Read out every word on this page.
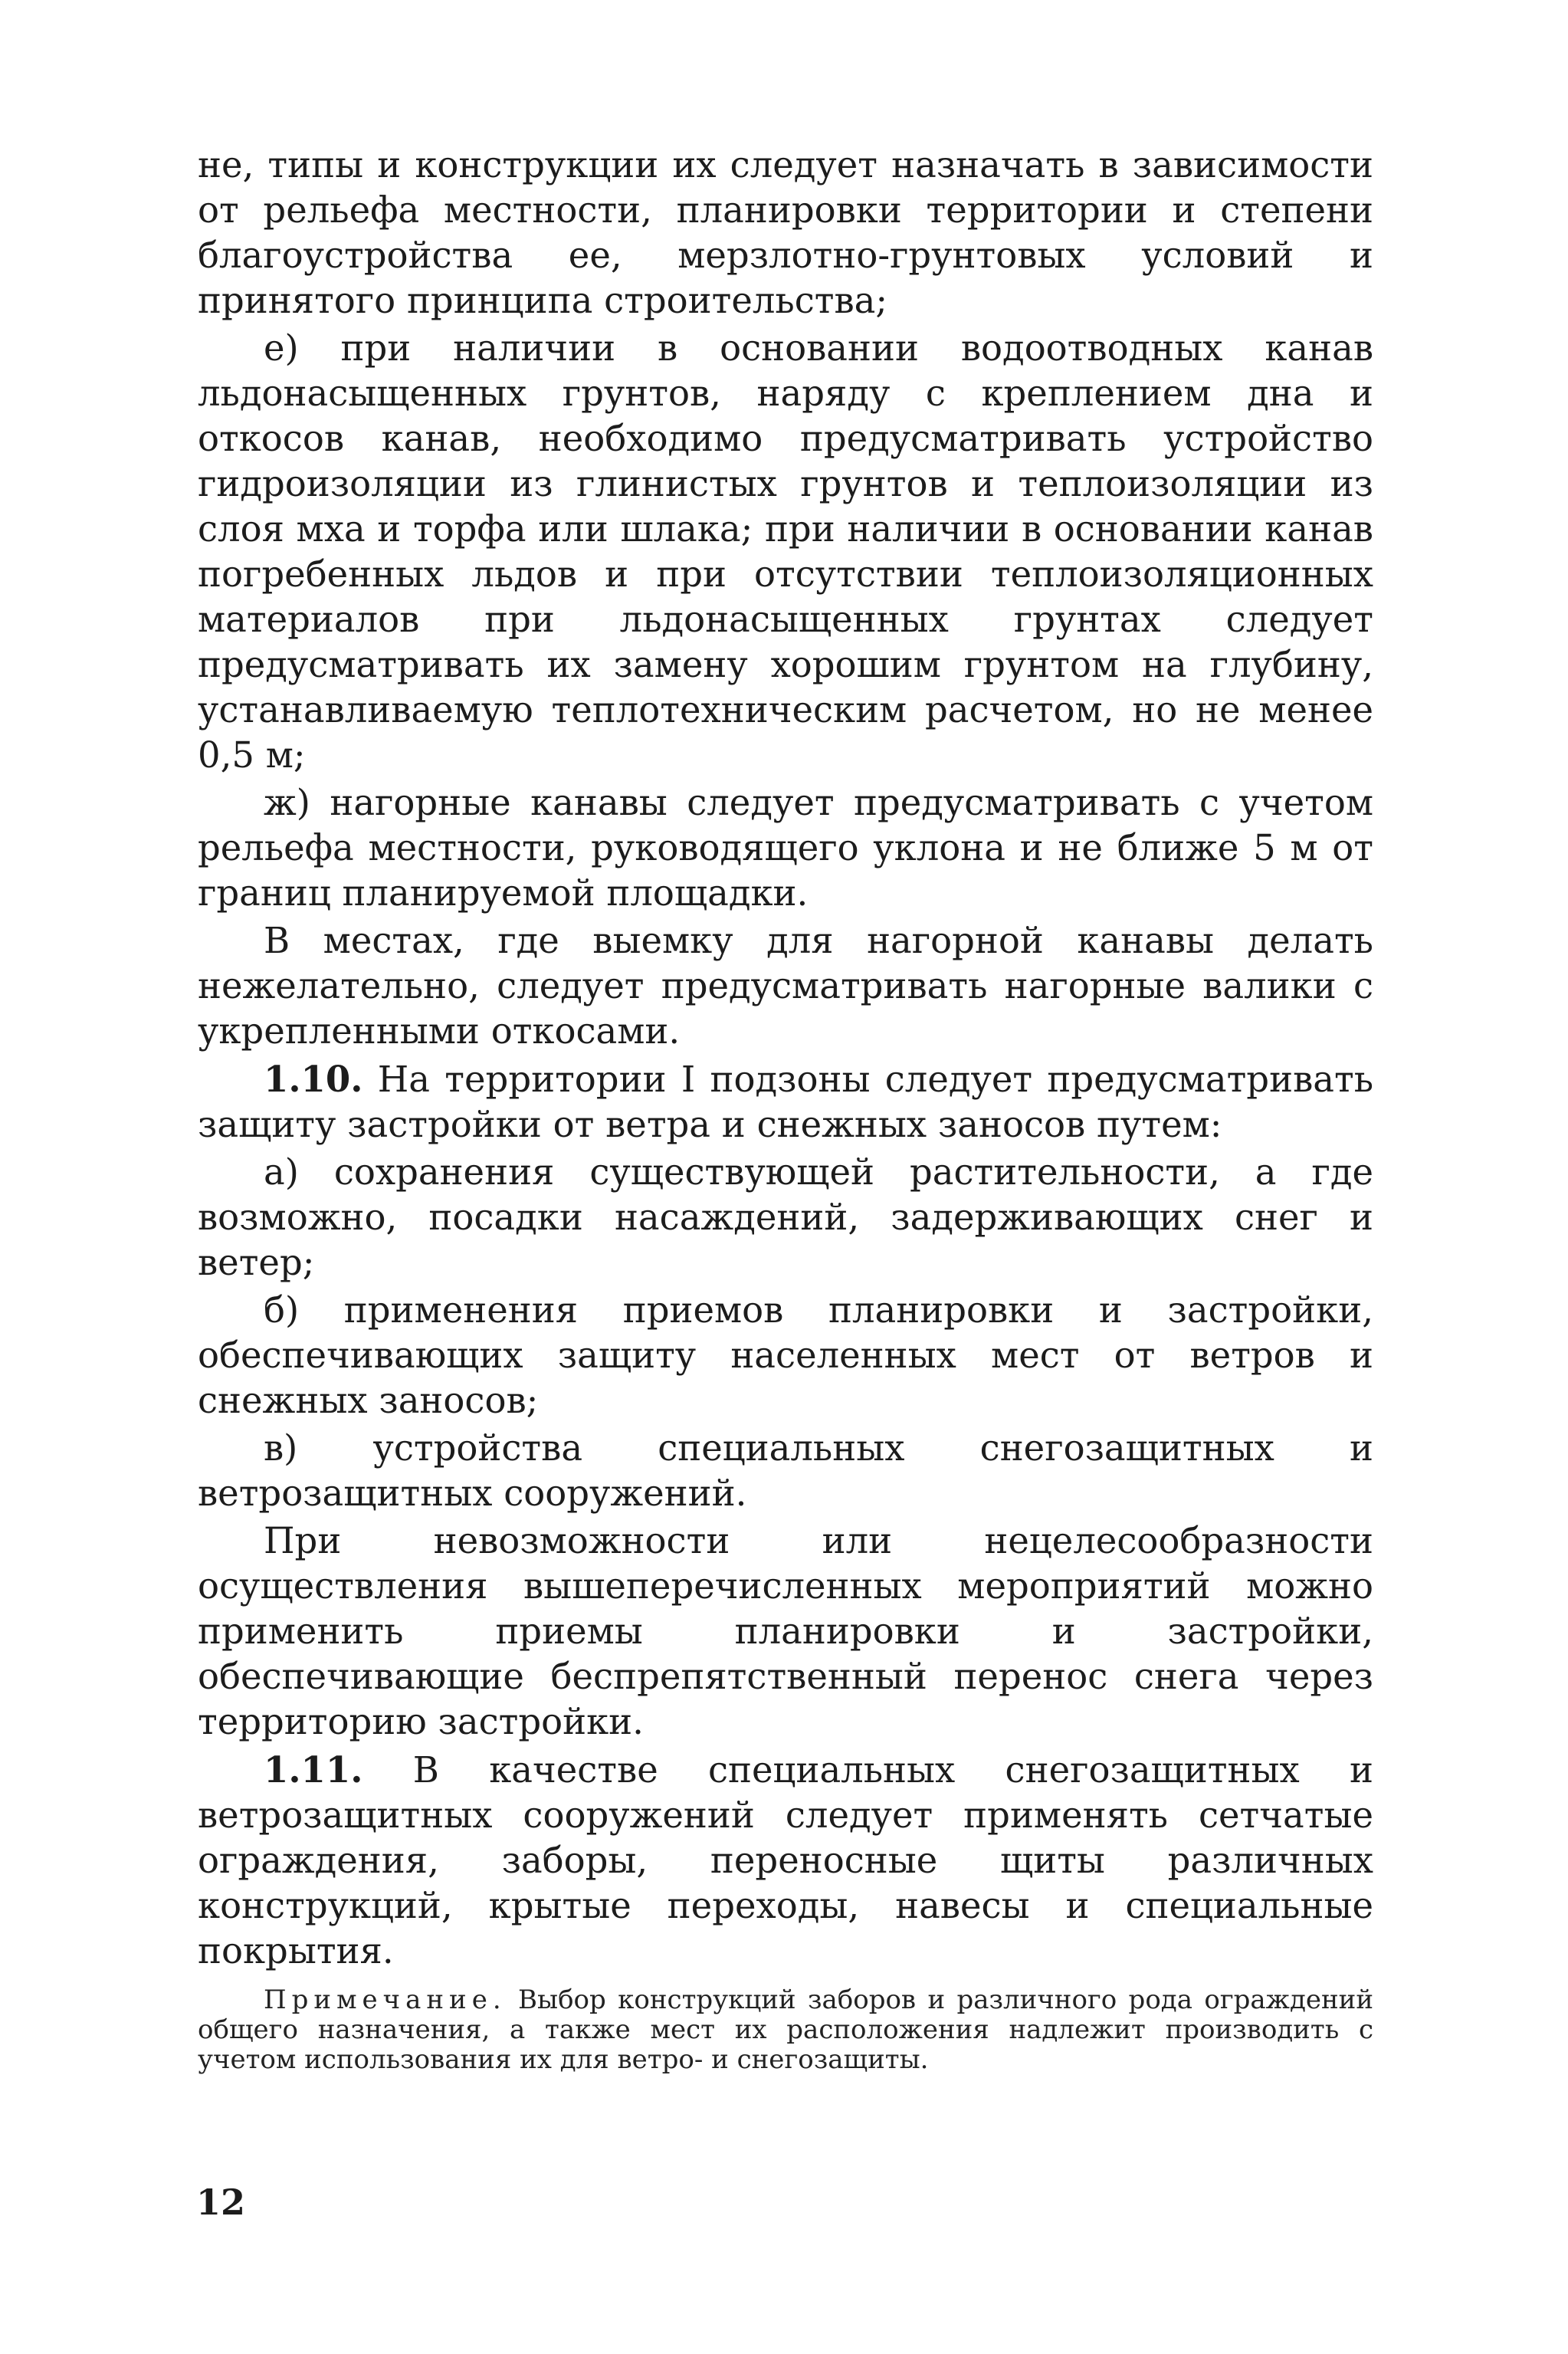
не, типы и конструкции их следует назначать в зависимости от рельефа местности, планировки территории и степени благоустройства ее, мерзлотно-грунтовых условий и принятого принципа строительства;

е) при наличии в основании водоотводных канав льдонасыщенных грунтов, наряду с креплением дна и откосов канав, необходимо предусматривать устройство гидроизоляции из глинистых грунтов и теплоизоляции из слоя мха и торфа или шлака; при наличии в основании канав погребенных льдов и при отсутствии теплоизоляционных материалов при льдонасыщенных грунтах следует предусматривать их замену хорошим грунтом на глубину, устанавливаемую теплотехническим расчетом, но не менее 0,5 м;

ж) нагорные канавы следует предусматривать с учетом рельефа местности, руководящего уклона и не ближе 5 м от границ планируемой площадки.

В местах, где выемку для нагорной канавы делать нежелательно, следует предусматривать нагорные валики с укрепленными откосами.

1.10. На территории I подзоны следует предусматривать защиту застройки от ветра и снежных заносов путем:

а) сохранения существующей растительности, а где возможно, посадки насаждений, задерживающих снег и ветер;

б) применения приемов планировки и застройки, обеспечивающих защиту населенных мест от ветров и снежных заносов;

в) устройства специальных снегозащитных и ветрозащитных сооружений.

При невозможности или нецелесообразности осуществления вышеперечисленных мероприятий можно применить приемы планировки и застройки, обеспечивающие беспрепятственный перенос снега через территорию застройки.

1.11. В качестве специальных снегозащитных и ветрозащитных сооружений следует применять сетчатые ограждения, заборы, переносные щиты различных конструкций, крытые переходы, навесы и специальные покрытия.

Примечание. Выбор конструкций заборов и различного рода ограждений общего назначения, а также мест их расположения надлежит производить с учетом использования их для ветро- и снегозащиты.

12
